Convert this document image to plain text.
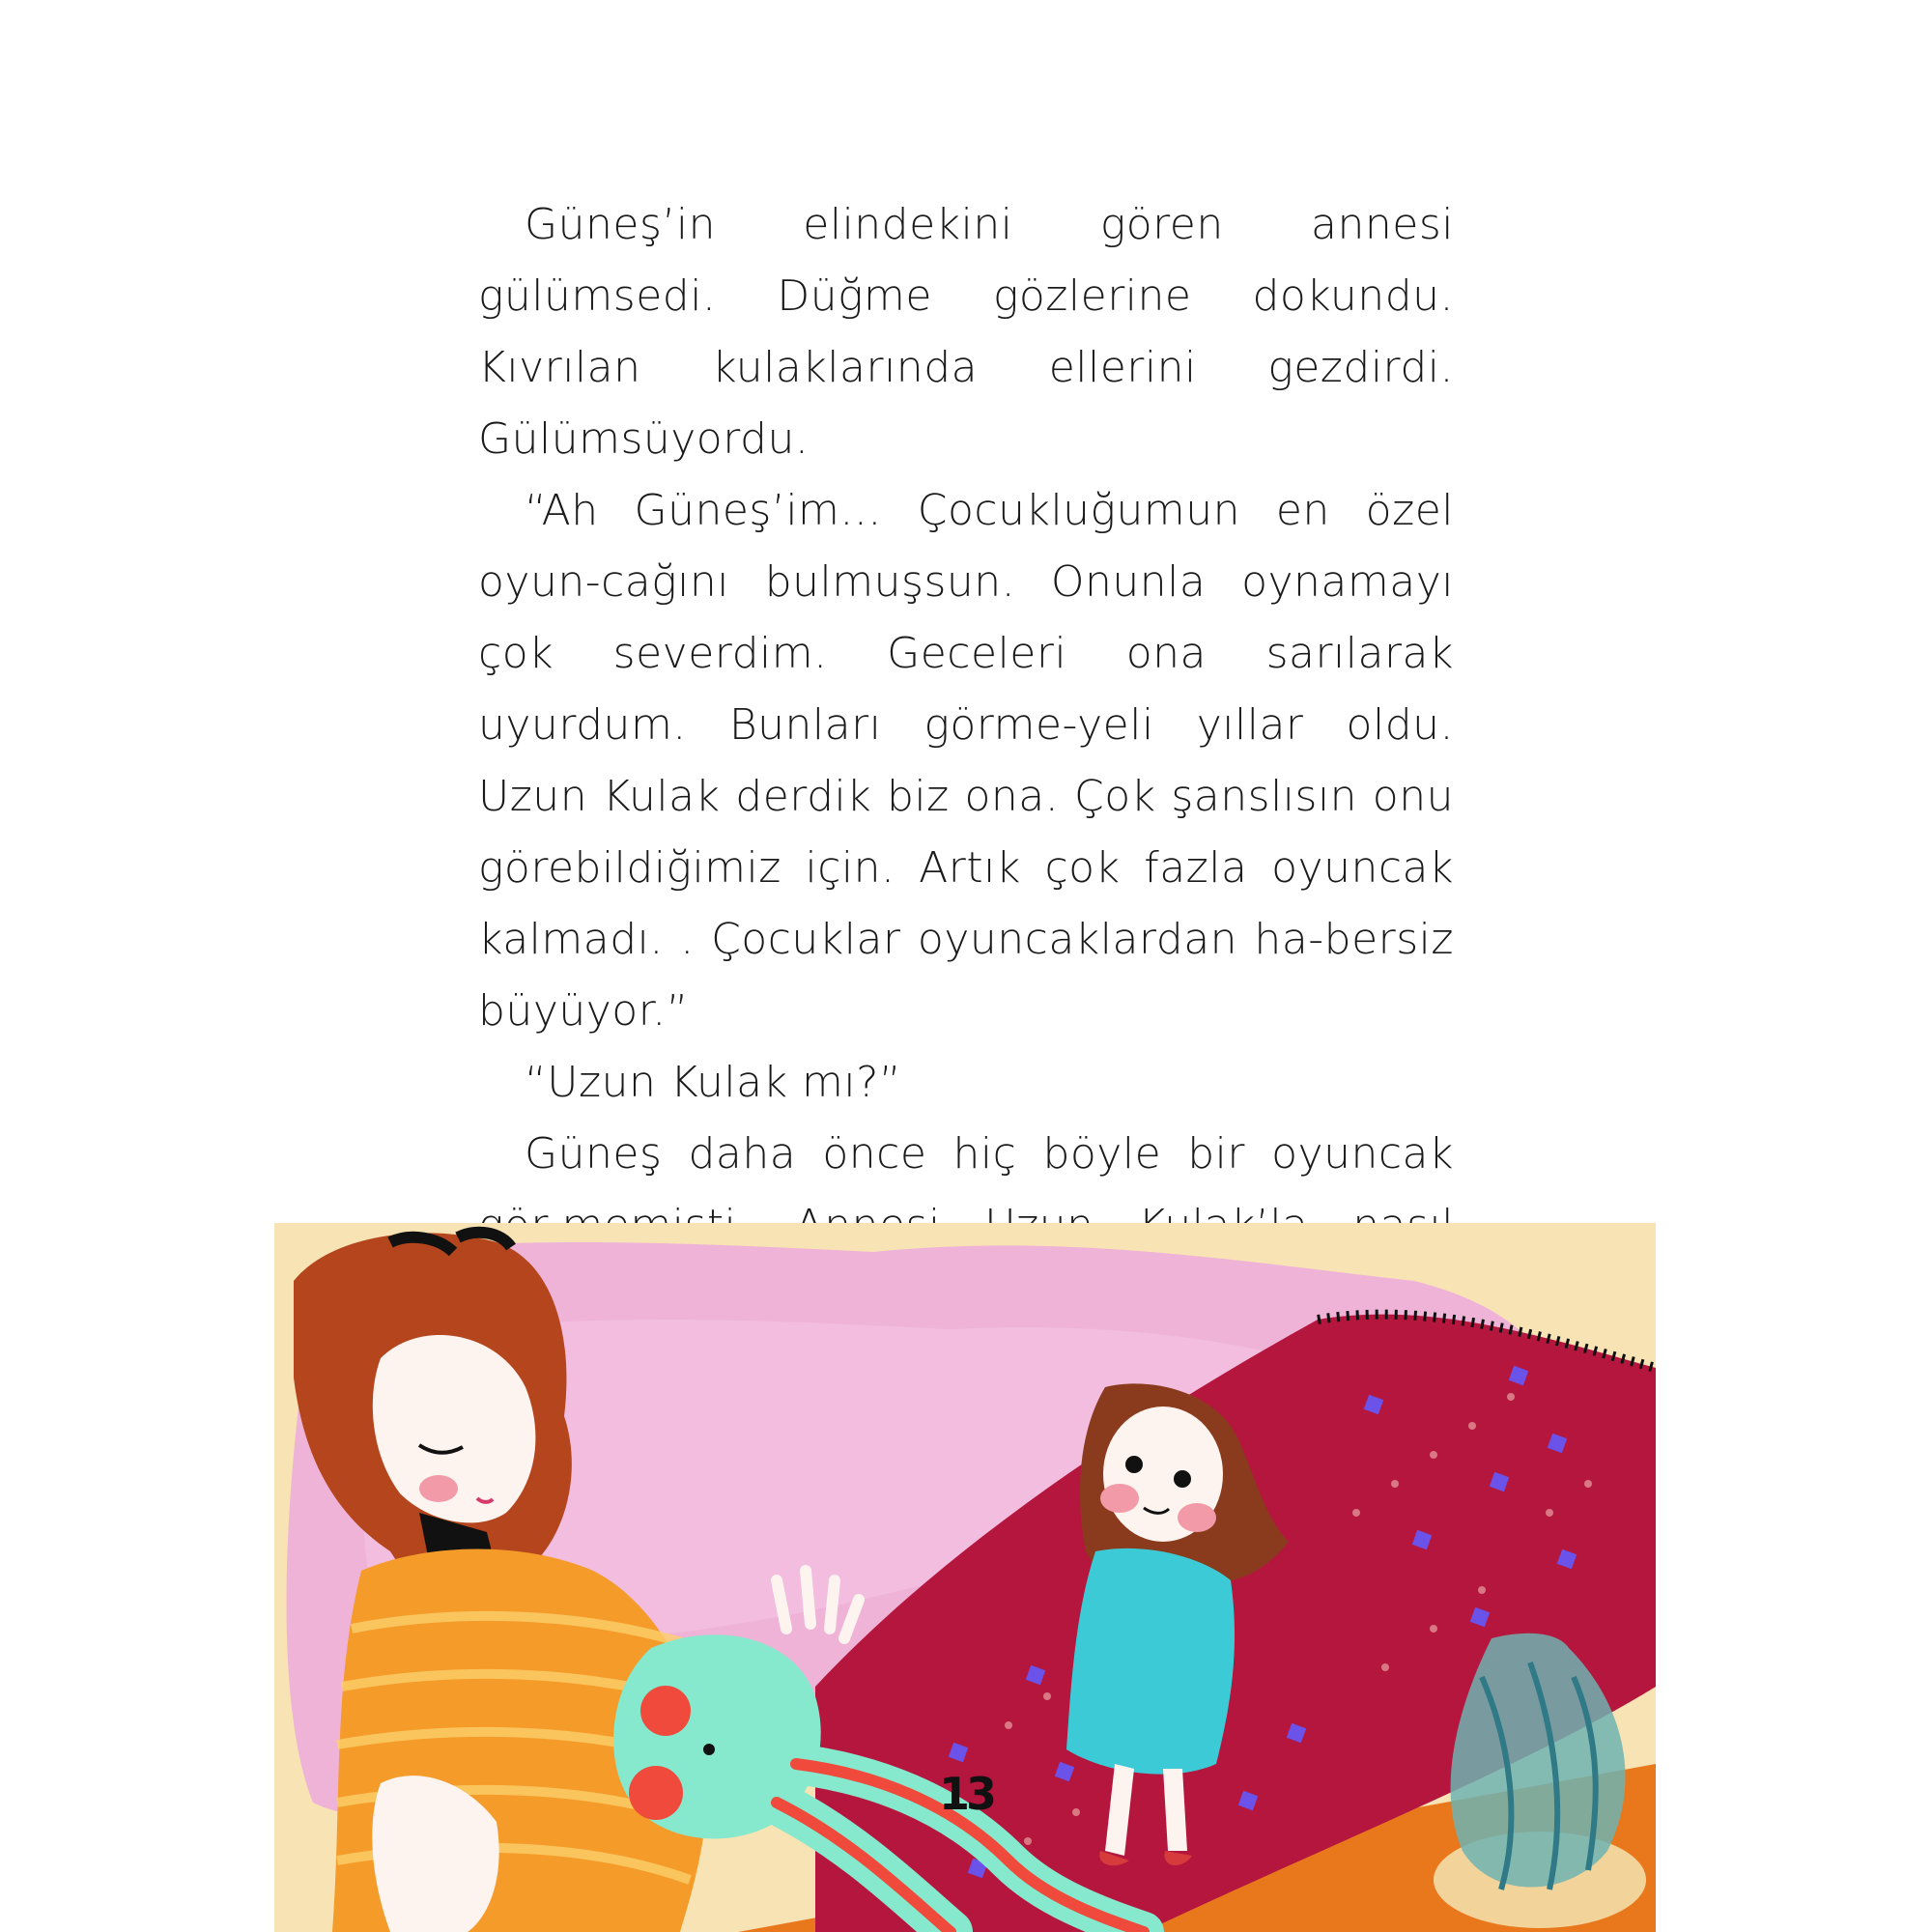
Güneş’in elindekini gören annesi gülümsedi. Düğme gözlerine dokundu. Kıvrılan kulaklarında ellerini gezdirdi. Gülümsüyordu.

“Ah Güneş’im... Çocukluğumun en özel oyun-cağını bulmuşsun. Onunla oynamayı çok severdim. Geceleri ona sarılarak uyurdum. Bunları görme-yeli yıllar oldu. Uzun Kulak derdik biz ona. Çok şanslısın onu görebildiğimiz için. Artık çok fazla oyuncak kalmadı. . Çocuklar oyuncaklardan ha-bersiz büyüyor.”

“Uzun Kulak mı?”

Güneş daha önce hiç böyle bir oyuncak

13
